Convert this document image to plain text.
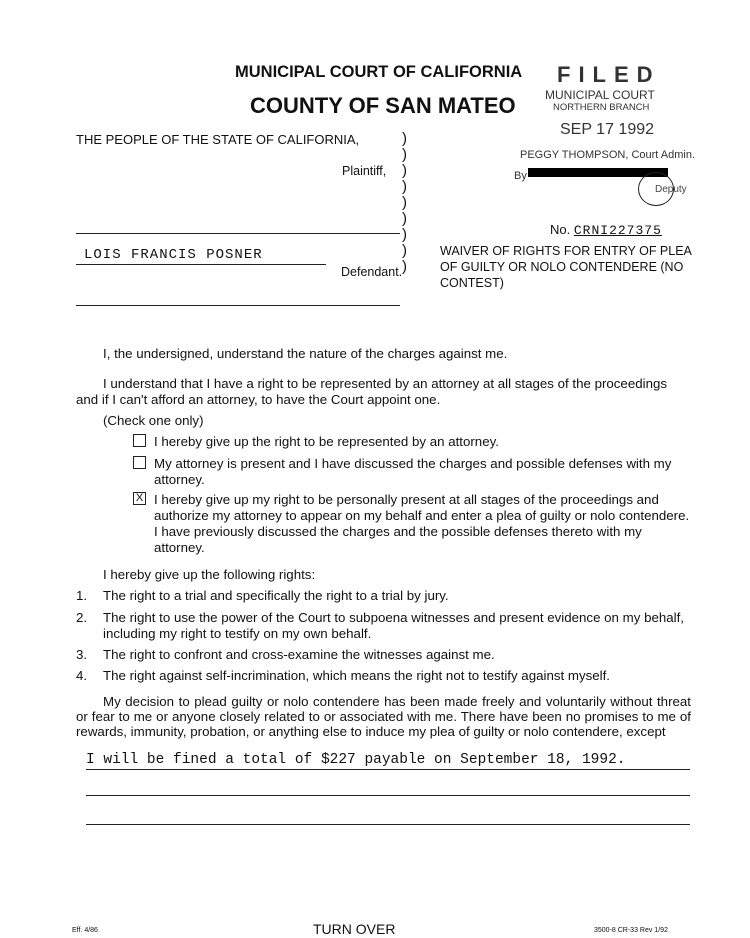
MUNICIPAL COURT OF CALIFORNIA
COUNTY OF SAN MATEO
THE PEOPLE OF THE STATE OF CALIFORNIA,	)
)
)
)
)
)
)
)
)
Plaintiff,
LOIS FRANCIS POSNER
Defendant.
FILED
MUNICIPAL COURT
NORTHERN BRANCH
SEP 17 1992
PEGGY THOMPSON, Court Admin.
By
Deputy
No. CRNI227375
WAIVER OF RIGHTS FOR ENTRY OF PLEA OF GUILTY OR NOLO CONTENDERE (NO CONTEST)
I, the undersigned, understand the nature of the charges against me.
I understand that I have a right to be represented by an attorney at all stages of the proceedings and if I can't afford an attorney, to have the Court appoint one.
(Check one only)
I hereby give up the right to be represented by an attorney.
My attorney is present and I have discussed the charges and possible defenses with my attorney.
X I hereby give up my right to be personally present at all stages of the proceedings and authorize my attorney to appear on my behalf and enter a plea of guilty or nolo contendere. I have previously discussed the charges and the possible defenses thereto with my attorney.
I hereby give up the following rights:
1.	The right to a trial and specifically the right to a trial by jury.
2.	The right to use the power of the Court to subpoena witnesses and present evidence on my behalf, including my right to testify on my own behalf.
3.	The right to confront and cross-examine the witnesses against me.
4.	The right against self-incrimination, which means the right not to testify against myself.
My decision to plead guilty or nolo contendere has been made freely and voluntarily without threat or fear to me or anyone closely related to or associated with me. There have been no promises to me of rewards, immunity, probation, or anything else to induce my plea of guilty or nolo contendere, except
I will be fined a total of $227 payable on September 18, 1992.
Eff. 4/86	TURN OVER	3500-8 CR-33 Rev 1/92
